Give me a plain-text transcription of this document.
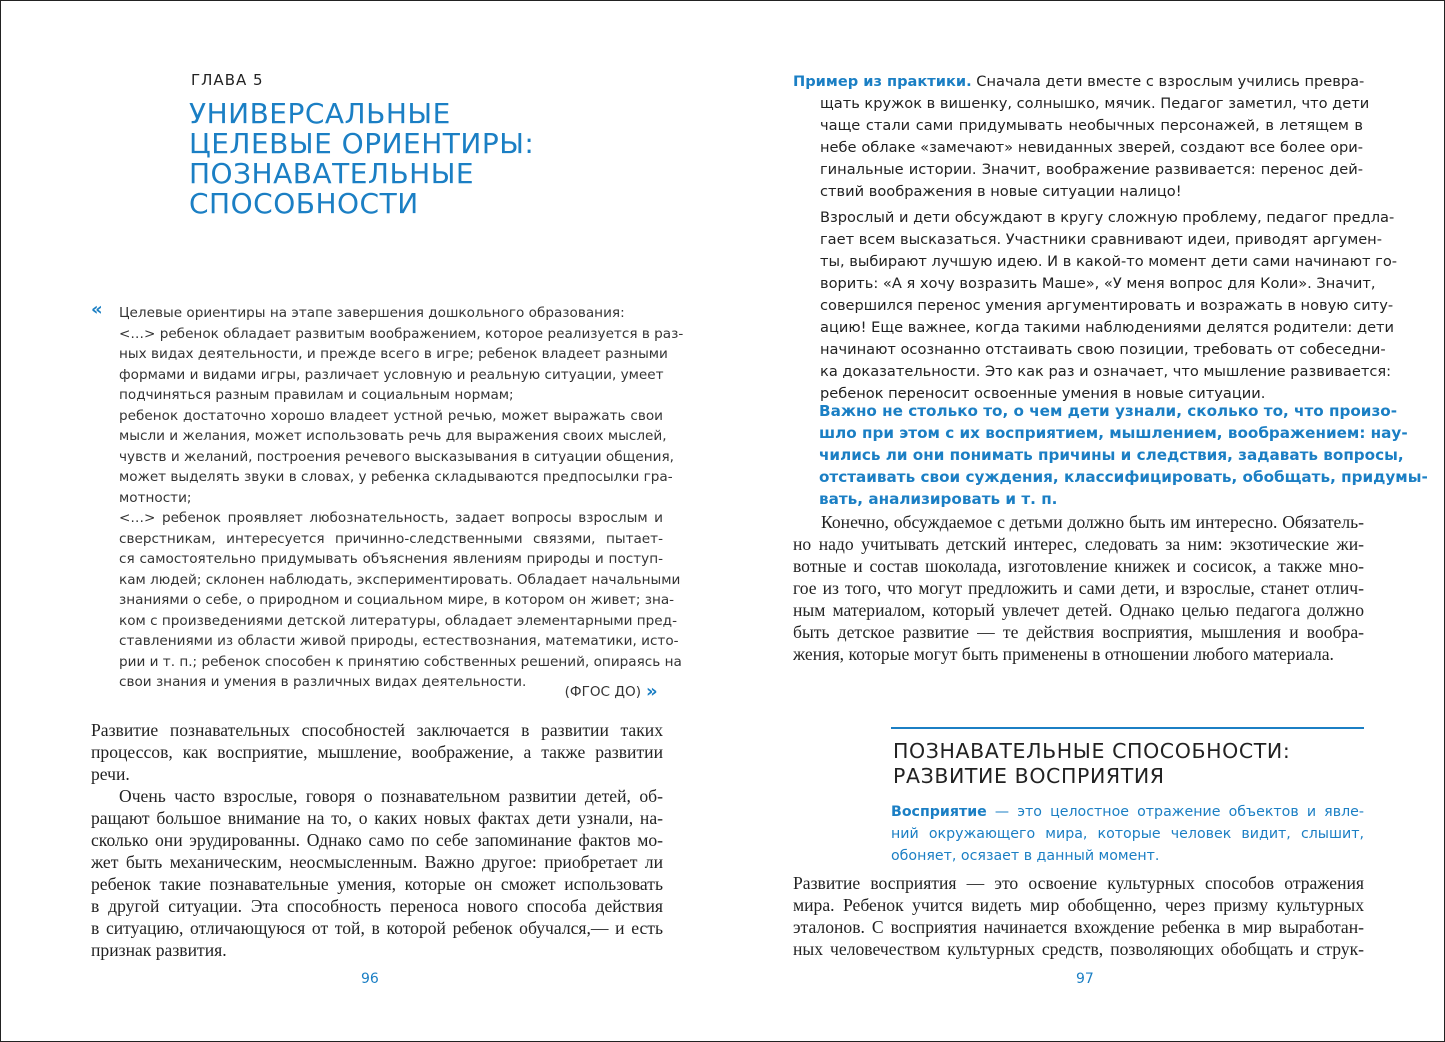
ГЛАВА 5
УНИВЕРСАЛЬНЫЕ
ЦЕЛЕВЫЕ ОРИЕНТИРЫ:
ПОЗНАВАТЕЛЬНЫЕ
СПОСОБНОСТИ
« Целевые ориентиры на этапе завершения дошкольного образования:
<…> ребенок обладает развитым воображением, которое реализуется в раз-
ных видах деятельности, и прежде всего в игре; ребенок владеет разными
формами и видами игры, различает условную и реальную ситуации, умеет
подчиняться разным правилам и социальным нормам;
ребенок достаточно хорошо владеет устной речью, может выражать свои
мысли и желания, может использовать речь для выражения своих мыслей,
чувств и желаний, построения речевого высказывания в ситуации общения,
может выделять звуки в словах, у ребенка складываются предпосылки гра-
мотности;
<…> ребенок проявляет любознательность, задает вопросы взрослым и
сверстникам, интересуется причинно-следственными связями, пытает-
ся самостоятельно придумывать объяснения явлениям природы и поступ-
кам людей; склонен наблюдать, экспериментировать. Обладает начальными
знаниями о себе, о природном и социальном мире, в котором он живет; зна-
ком с произведениями детской литературы, обладает элементарными пред-
ставлениями из области живой природы, естествознания, математики, исто-
рии и т. п.; ребенок способен к принятию собственных решений, опираясь на
свои знания и умения в различных видах деятельности.
(ФГОС ДО) »
Развитие познавательных способностей заключается в развитии таких
процессов, как восприятие, мышление, воображение, а также развитии
речи.
Очень часто взрослые, говоря о познавательном развитии детей, об-
ращают большое внимание на то, о каких новых фактах дети узнали, на-
сколько они эрудированны. Однако само по себе запоминание фактов мо-
жет быть механическим, неосмысленным. Важно другое: приобретает ли
ребенок такие познавательные умения, которые он сможет использовать
в другой ситуации. Эта способность переноса нового способа действия
в ситуацию, отличающуюся от той, в которой ребенок обучался,— и есть
признак развития.
96
Пример из практики. Сначала дети вместе с взрослым учились превра-
щать кружок в вишенку, солнышко, мячик. Педагог заметил, что дети
чаще стали сами придумывать необычных персонажей, в летящем в
небе облаке «замечают» невиданных зверей, создают все более ори-
гинальные истории. Значит, воображение развивается: перенос дей-
ствий воображения в новые ситуации налицо!
Взрослый и дети обсуждают в кругу сложную проблему, педагог предла-
гает всем высказаться. Участники сравнивают идеи, приводят аргумен-
ты, выбирают лучшую идею. И в какой-то момент дети сами начинают го-
ворить: «А я хочу возразить Маше», «У меня вопрос для Коли». Значит,
совершился перенос умения аргументировать и возражать в новую ситу-
ацию! Еще важнее, когда такими наблюдениями делятся родители: дети
начинают осознанно отстаивать свою позиции, требовать от собеседни-
ка доказательности. Это как раз и означает, что мышление развивается:
ребенок переносит освоенные умения в новые ситуации.
Важно не столько то, о чем дети узнали, сколько то, что произо-
шло при этом с их восприятием, мышлением, воображением: нау-
чились ли они понимать причины и следствия, задавать вопросы,
отстаивать свои суждения, классифицировать, обобщать, придумы-
вать, анализировать и т. п.
Конечно, обсуждаемое с детьми должно быть им интересно. Обязатель-
но надо учитывать детский интерес, следовать за ним: экзотические жи-
вотные и состав шоколада, изготовление книжек и сосисок, а также мно-
гое из того, что могут предложить и сами дети, и взрослые, станет отлич-
ным материалом, который увлечет детей. Однако целью педагога должно
быть детское развитие — те действия восприятия, мышления и вообра-
жения, которые могут быть применены в отношении любого материала.
ПОЗНАВАТЕЛЬНЫЕ СПОСОБНОСТИ:
РАЗВИТИЕ ВОСПРИЯТИЯ
Восприятие — это целостное отражение объектов и явле-
ний окружающего мира, которые человек видит, слышит,
обоняет, осязает в данный момент.
Развитие восприятия — это освоение культурных способов отражения
мира. Ребенок учится видеть мир обобщенно, через призму культурных
эталонов. С восприятия начинается вхождение ребенка в мир выработан-
ных человечеством культурных средств, позволяющих обобщать и струк-
97
